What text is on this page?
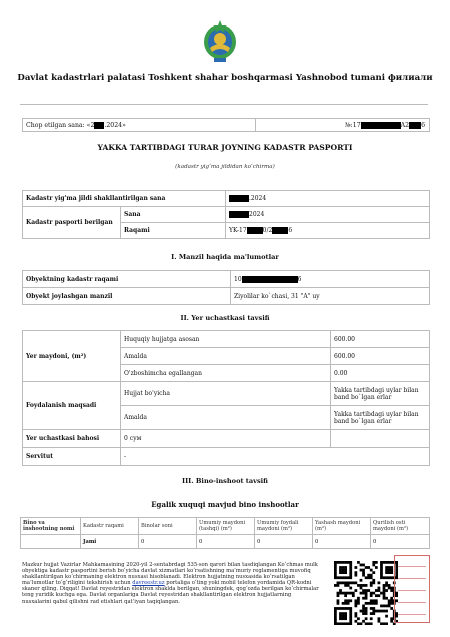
Davlat kadastrlari palatasi Toshkent shahar boshqarmasi Yashnobod tumani филиали
Chop etilgan sana: «2 .2024»	№:17	A2 6
YAKKA TARTIBDAGI TURAR JOYNING KADASTR PASPORTI
(kadastr yig‘ma jildidan ko‘chirma)
Kadastr yig'ma jildi shakllantirilgan sana		.2024
Kadastr pasporti berilgan	Sana	2024
	Raqami	YK-17 0/2 6
I. Manzil haqida ma'lumotlar
Obyektning kadastr raqami	10 6
Obyekt joylashgan manzil	Ziyolilar ko`chasi, 31 "A" uy
II. Yer uchastkasi tavsifi
Yer maydoni, (m²)	Huquqiy hujjatga asosan	600.00
	Amalda	600.00
	O'zboshimcha egallangan	0.00
Foydalanish maqsadi	Hujjat bo'yicha	Yakka tartibdagi uylar bilan band bo`lgan erlar
	Amalda	Yakka tartibdagi uylar bilan band bo`lgan erlar
Yer uchastkasi bahosi	0 сум	
Servitut	-	
III. Bino-inshoot tavsifi
Egalik xuquqi mavjud bino inshootlar
Bino va inshootning nomi	Kadastr raqami	Binolar soni	Umumiy maydoni (tashqi) (m²)	Umumiy foydali maydoni (m²)	Yashash maydoni (m²)	Qurilish osti maydoni (m²)
	Jami	0	0	0	0	0
Mazkur hujjat Vazirlar Mahkamasining 2020-yil 2-sentabrdagi 535-son qarori bilan tasdiqlangan Ko‘chmas mulk obyektiga kadastr pasportini berish bo‘yicha davlat xizmatlari ko‘rsatishning ma’muriy reglamentiga muvofiq shakllantirilgan ko‘chirmaning elektron nusxasi hisoblanadi. Elektron hujjatning nusxasida ko‘rsatilgan ma’lumotlar to‘g‘riligini tekshirish uchun davreestr.uz portaliga o‘ting yoki mobil telefon yordamida QR-kodni skaner qiling. Diqqat! Davlat reyestridan elektron shaklda berilgan, shuningdek, qog‘ozda berilgan ko‘chirmalar teng yuridik kuchga ega. Davlat organlariga Davlat reyestridan shakllantirilgan elektron hujjatlarning nusxalarini qabul qilishni rad etishlari qat’iyan taqiqlangan.
